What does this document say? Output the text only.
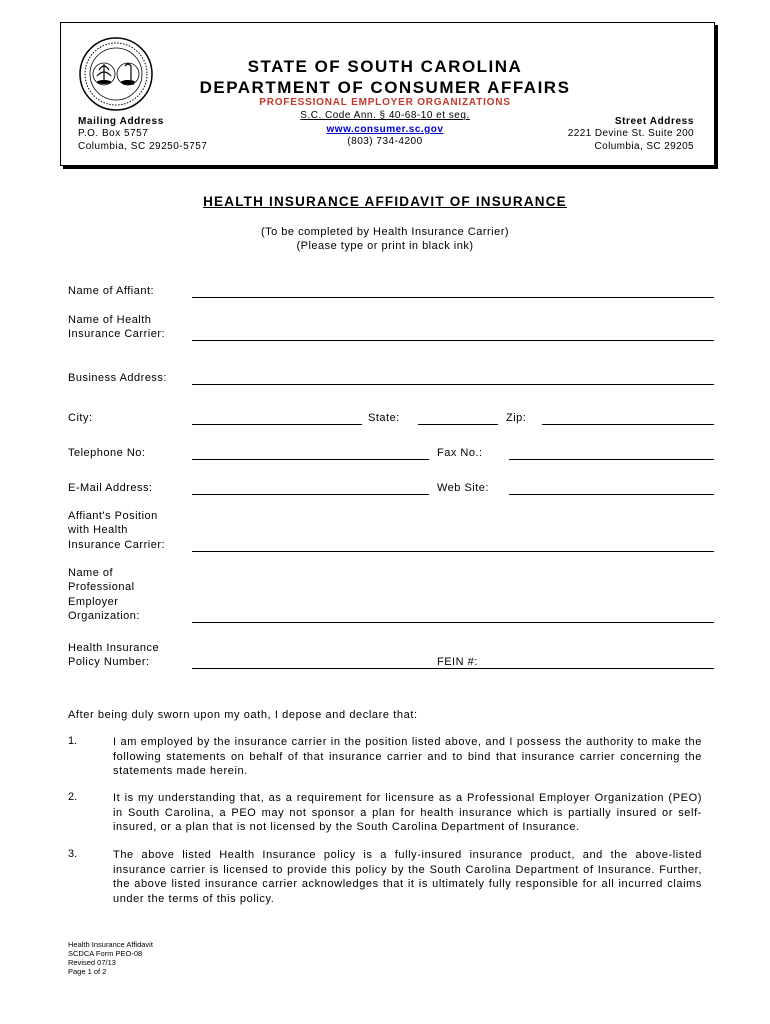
STATE OF SOUTH CAROLINA
DEPARTMENT OF CONSUMER AFFAIRS
PROFESSIONAL EMPLOYER ORGANIZATIONS
S.C. Code Ann. § 40-68-10 et seq.
www.consumer.sc.gov
(803) 734-4200
Mailing Address
P.O. Box 5757
Columbia, SC 29250-5757
Street Address
2221 Devine St. Suite 200
Columbia, SC 29205
HEALTH INSURANCE AFFIDAVIT OF INSURANCE
(To be completed by Health Insurance Carrier)
(Please type or print in black ink)
Name of Affiant:
Name of Health
Insurance Carrier:
Business Address:
City:	State:	Zip:
Telephone No:	Fax No.:
E-Mail Address:	Web Site:
Affiant's Position
with Health
Insurance Carrier:
Name of
Professional
Employer
Organization:
Health Insurance
Policy Number:	FEIN #:
After being duly sworn upon my oath, I depose and declare that:
1.	I am employed by the insurance carrier in the position listed above, and I possess the authority to make the following statements on behalf of that insurance carrier and to bind that insurance carrier concerning the statements made herein.
2.	It is my understanding that, as a requirement for licensure as a Professional Employer Organization (PEO) in South Carolina, a PEO may not sponsor a plan for health insurance which is partially insured or self-insured, or a plan that is not licensed by the South Carolina Department of Insurance.
3.	The above listed Health Insurance policy is a fully-insured insurance product, and the above-listed insurance carrier is licensed to provide this policy by the South Carolina Department of Insurance. Further, the above listed insurance carrier acknowledges that it is ultimately fully responsible for all incurred claims under the terms of this policy.
Health Insurance Affidavit
SCDCA Form PEO-08
Revised 07/13
Page 1 of 2
